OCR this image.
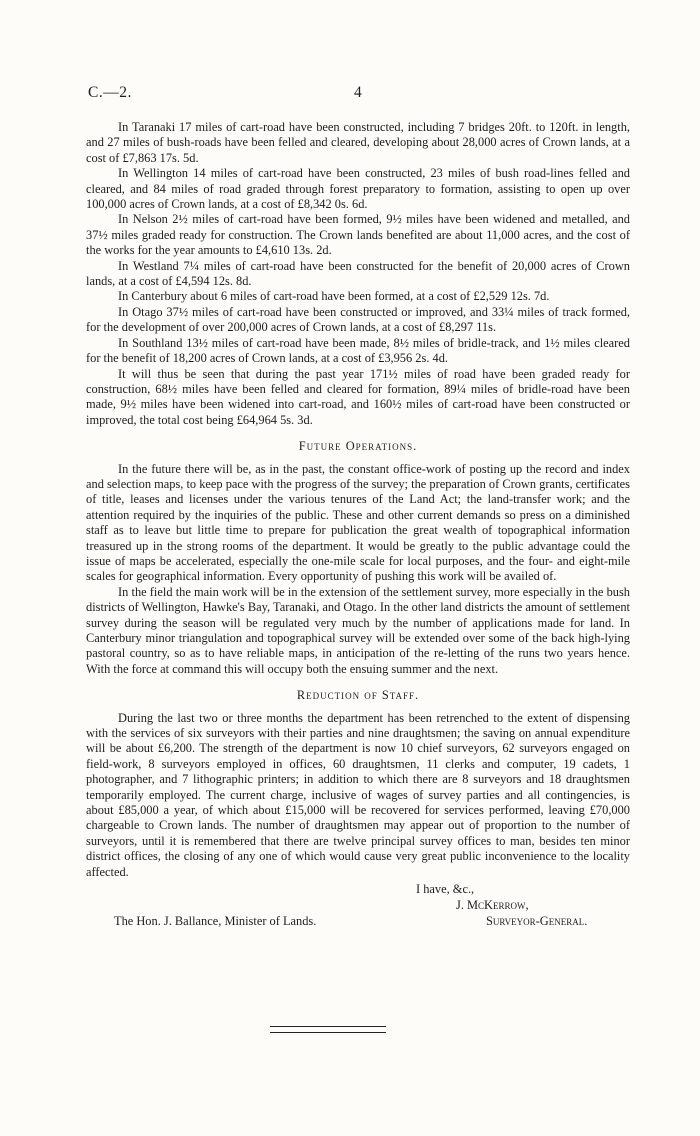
C.—2.	4

In Taranaki 17 miles of cart-road have been constructed, including 7 bridges 20ft. to 120ft. in length, and 27 miles of bush-roads have been felled and cleared, developing about 28,000 acres of Crown lands, at a cost of £7,863 17s. 5d.

In Wellington 14 miles of cart-road have been constructed, 23 miles of bush road-lines felled and cleared, and 84 miles of road graded through forest preparatory to formation, assisting to open up over 100,000 acres of Crown lands, at a cost of £8,342 0s. 6d.

In Nelson 2½ miles of cart-road have been formed, 9½ miles have been widened and metalled, and 37½ miles graded ready for construction. The Crown lands benefited are about 11,000 acres, and the cost of the works for the year amounts to £4,610 13s. 2d.

In Westland 7¼ miles of cart-road have been constructed for the benefit of 20,000 acres of Crown lands, at a cost of £4,594 12s. 8d.

In Canterbury about 6 miles of cart-road have been formed, at a cost of £2,529 12s. 7d.

In Otago 37½ miles of cart-road have been constructed or improved, and 33¼ miles of track formed, for the development of over 200,000 acres of Crown lands, at a cost of £8,297 11s.

In Southland 13½ miles of cart-road have been made, 8½ miles of bridle-track, and 1½ miles cleared for the benefit of 18,200 acres of Crown lands, at a cost of £3,956 2s. 4d.

It will thus be seen that during the past year 171½ miles of road have been graded ready for construction, 68½ miles have been felled and cleared for formation, 89¼ miles of bridle-road have been made, 9½ miles have been widened into cart-road, and 160½ miles of cart-road have been constructed or improved, the total cost being £64,964 5s. 3d.

Future Operations.

In the future there will be, as in the past, the constant office-work of posting up the record and index and selection maps, to keep pace with the progress of the survey; the preparation of Crown grants, certificates of title, leases and licenses under the various tenures of the Land Act; the land-transfer work; and the attention required by the inquiries of the public. These and other current demands so press on a diminished staff as to leave but little time to prepare for publication the great wealth of topographical information treasured up in the strong rooms of the department. It would be greatly to the public advantage could the issue of maps be accelerated, especially the one-mile scale for local purposes, and the four- and eight-mile scales for geographical information. Every opportunity of pushing this work will be availed of.

In the field the main work will be in the extension of the settlement survey, more especially in the bush districts of Wellington, Hawke's Bay, Taranaki, and Otago. In the other land districts the amount of settlement survey during the season will be regulated very much by the number of applications made for land. In Canterbury minor triangulation and topographical survey will be extended over some of the back high-lying pastoral country, so as to have reliable maps, in anticipation of the re-letting of the runs two years hence. With the force at command this will occupy both the ensuing summer and the next.

Reduction of Staff.

During the last two or three months the department has been retrenched to the extent of dispensing with the services of six surveyors with their parties and nine draughtsmen; the saving on annual expenditure will be about £6,200. The strength of the department is now 10 chief surveyors, 62 surveyors engaged on field-work, 8 surveyors employed in offices, 60 draughtsmen, 11 clerks and computer, 19 cadets, 1 photographer, and 7 lithographic printers; in addition to which there are 8 surveyors and 18 draughtsmen temporarily employed. The current charge, inclusive of wages of survey parties and all contingencies, is about £85,000 a year, of which about £15,000 will be recovered for services performed, leaving £70,000 chargeable to Crown lands. The number of draughtsmen may appear out of proportion to the number of surveyors, until it is remembered that there are twelve principal survey offices to man, besides ten minor district offices, the closing of any one of which would cause very great public inconvenience to the locality affected.

I have, &c.,
J. McKerrow,
Surveyor-General.
The Hon. J. Ballance, Minister of Lands.
